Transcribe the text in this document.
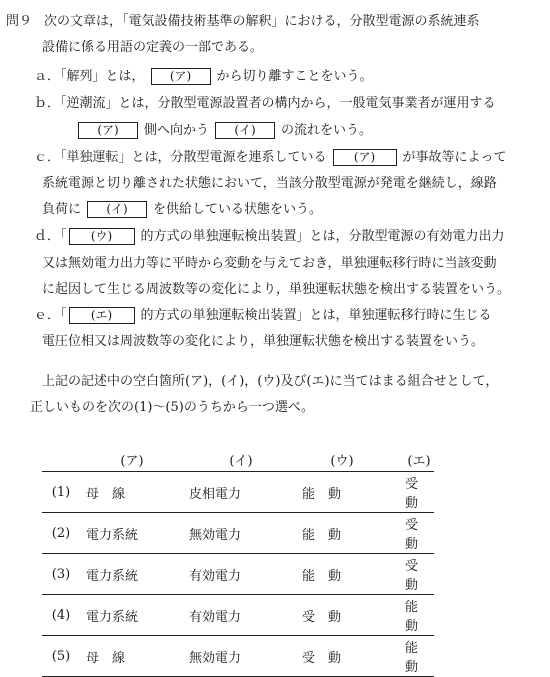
問９ 次の文章は，「電気設備技術基準の解釈」における，分散型電源の系統連系
設備に係る用語の定義の一部である。
ａ．「解列」とは， (ア) から切り離すことをいう。
ｂ．「逆潮流」とは，分散型電源設置者の構内から，一般電気事業者が運用する
(ア) 側へ向かう (イ) の流れをいう。
ｃ．「単独運転」とは，分散型電源を連系している (ア) が事故等によって
系統電源と切り離された状態において，当該分散型電源が発電を継続し，線路
負荷に (イ) を供給している状態をいう。
ｄ．「 (ウ) 的方式の単独運転検出装置」とは，分散型電源の有効電力出力
又は無効電力出力等に平時から変動を与えておき，単独運転移行時に当該変動
に起因して生じる周波数等の変化により，単独運転状態を検出する装置をいう。
ｅ．「 (エ) 的方式の単独運転検出装置」とは，単独運転移行時に生じる
電圧位相又は周波数等の変化により，単独運転状態を検出する装置をいう。
上記の記述中の空白箇所(ア)，(イ)，(ウ)及び(エ)に当てはまる組合せとして，
正しいものを次の(1)～(5)のうちから一つ選べ。
	(ア)	(イ)	(ウ)	(エ)
(1)	母　線	皮相電力	能　動	受　動
(2)	電力系統	無効電力	能　動	受　動
(3)	電力系統	有効電力	能　動	受　動
(4)	電力系統	有効電力	受　動	能　動
(5)	母　線	無効電力	受　動	能　動
